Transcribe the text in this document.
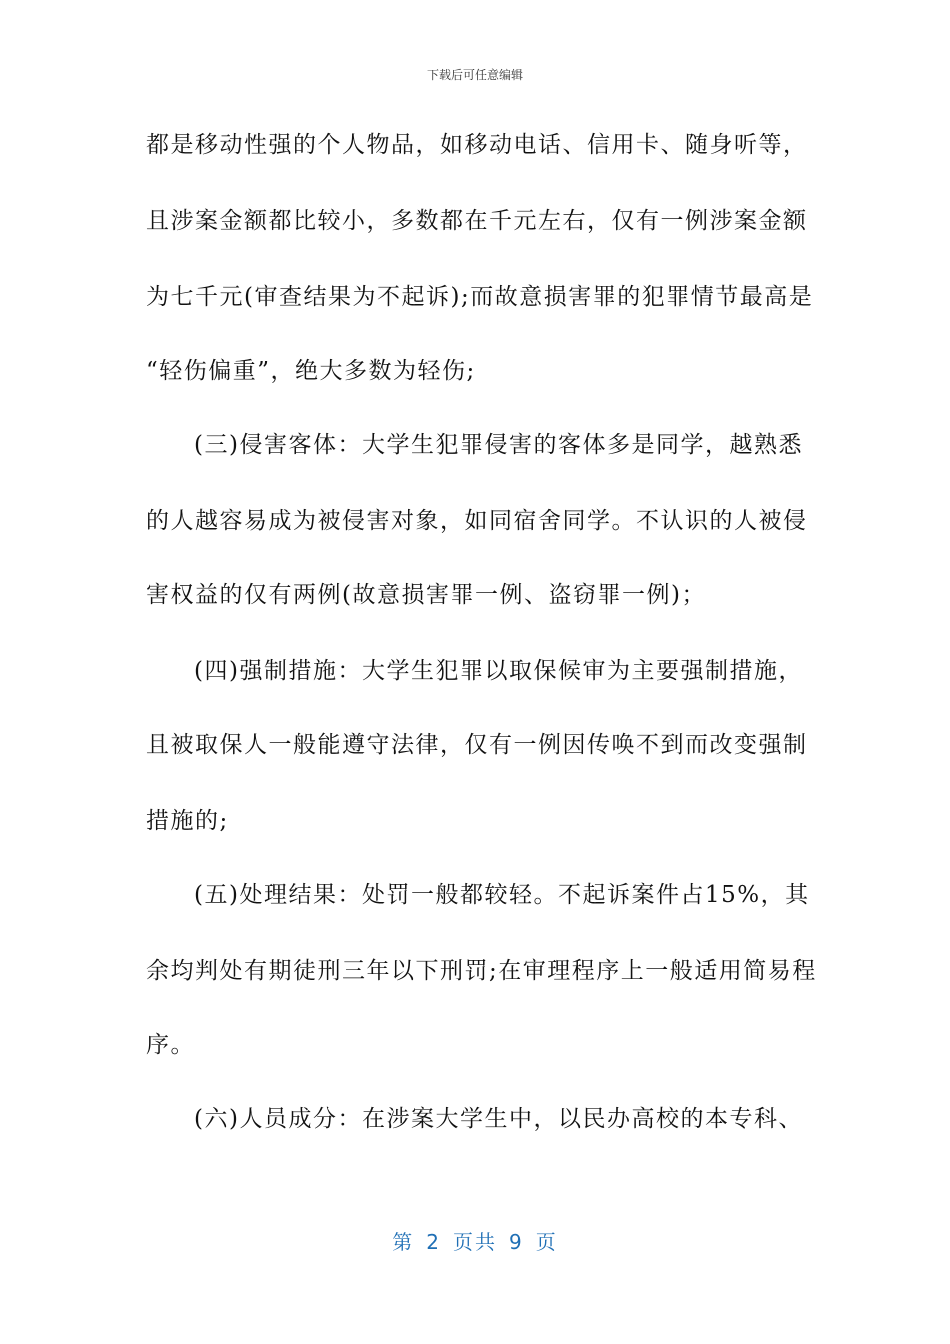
下载后可任意编辑
都是移动性强的个人物品，如移动电话、信用卡、随身听等，
且涉案金额都比较小，多数都在千元左右，仅有一例涉案金额
为七千元(审查结果为不起诉);而故意损害罪的犯罪情节最高是
“轻伤偏重”，绝大多数为轻伤;
(三)侵害客体：大学生犯罪侵害的客体多是同学，越熟悉
的人越容易成为被侵害对象，如同宿舍同学。不认识的人被侵
害权益的仅有两例(故意损害罪一例、盗窃罪一例)；
(四)强制措施：大学生犯罪以取保候审为主要强制措施，
且被取保人一般能遵守法律，仅有一例因传唤不到而改变强制
措施的;
(五)处理结果：处罚一般都较轻。不起诉案件占15%，其
余均判处有期徒刑三年以下刑罚;在审理程序上一般适用简易程
序。
(六)人员成分：在涉案大学生中，以民办高校的本专科、
第 2 页共 9 页
